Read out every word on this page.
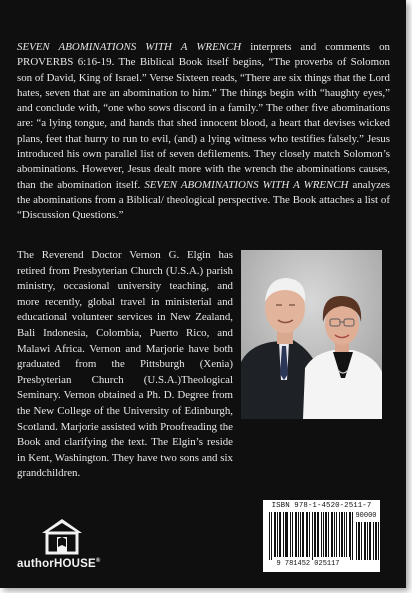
SEVEN ABOMINATIONS WITH A WRENCH interprets and comments on PROVERBS 6:16-19. The Biblical Book itself begins, “The proverbs of Solomon son of David, King of Israel.” Verse Sixteen reads, “There are six things that the Lord hates, seven that are an abomination to him.” The things begin with “haughty eyes,” and conclude with, “one who sows discord in a family.” The other five abominations are: “a lying tongue, and hands that shed innocent blood, a heart that devises wicked plans, feet that hurry to run to evil, (and) a lying witness who testifies falsely.” Jesus introduced his own parallel list of seven defilements. They closely match Solomon’s abominations. However, Jesus dealt more with the wrench the abominations causes, than the abomination itself. SEVEN ABOMINATIONS WITH A WRENCH analyzes the abominations from a Biblical/ theological perspective. The Book attaches a list of “Discussion Questions.”

The Reverend Doctor Vernon G. Elgin has retired from Presbyterian Church (U.S.A.) parish ministry, occasional university teaching, and more recently, global travel in ministerial and educational volunteer services in New Zealand, Bali Indonesia, Colombia, Puerto Rico, and Malawi Africa. Vernon and Marjorie have both graduated from the Pittsburgh (Xenia) Presbyterian Church (U.S.A.)Theological Seminary. Vernon obtained a Ph. D. Degree from the New College of the University of Edinburgh, Scotland. Marjorie assisted with Proofreading the Book and clarifying the text. The Elgin’s reside in Kent, Washington. They have two sons and six grandchildren.

authorHOUSE®
ISBN 978-1-4520-2511-7
90000
9 781452 025117
